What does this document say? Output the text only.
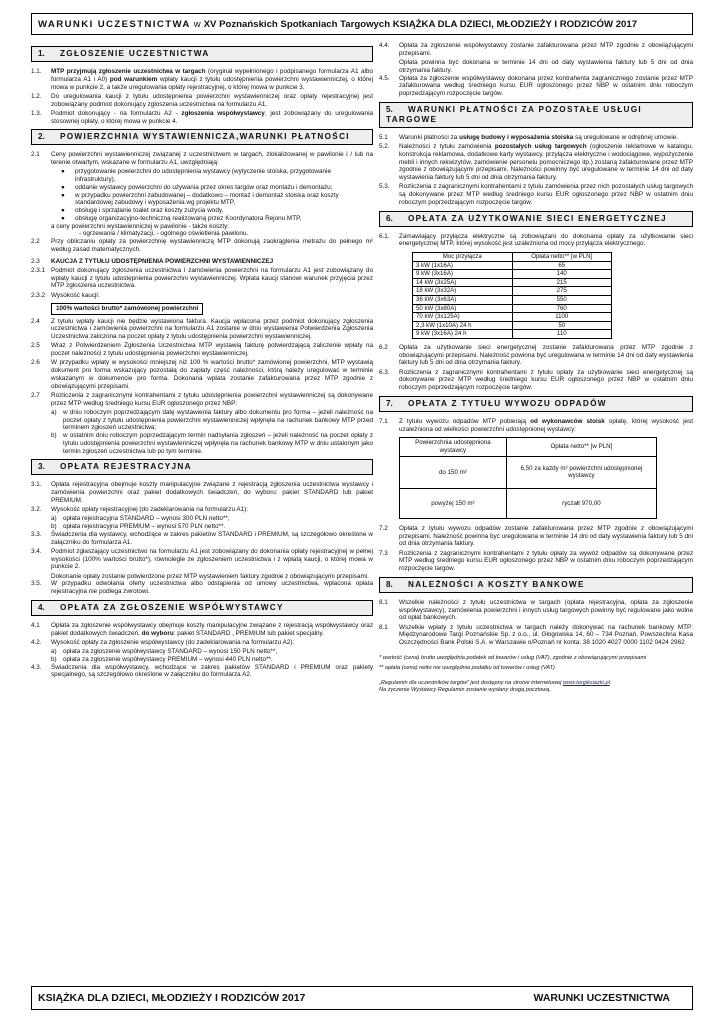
WARUNKI UCZESTNICTWA w XV Poznańskich Spotkaniach Targowych KSIĄŻKA DLA DZIECI, MŁODZIEŻY I RODZICÓW 2017
1. ZGŁOSZENIE UCZESTNICTWA
1.1.	MTP przyjmują zgłoszenie uczestnictwa w targach (oryginał wypełnionego i podpisanego formularza A1 albo formularza A1 i A0) pod warunkiem wpłaty kaucji z tytułu udostępnienia powierzchni wystawienniczej, o której mowa w punkcie 2, a także uregulowania opłaty rejestracyjnej, o której mowa w punkcie 3.
1.2.	Do uregulowania kaucji z tytułu udostępnienia powierzchni wystawienniczej oraz opłaty rejestracyjnej jest zobowiązany podmiot dokonujący zgłoszenia uczestnictwa na formularzu A1.
1.3.	Podmiot dokonujący - na formularzu A2 - zgłoszenia współwystawcy, jest zobowiązany do uregulowania stosownej opłaty, o której mowa w punkcie 4.
2. POWIERZCHNIA WYSTAWIENNICZA,WARUNKI PŁATNOŚCI
2.1	Ceny powierzchni wystawienniczej związanej z uczestnictwem w targach, zlokalizowanej w pawilonie i / lub na terenie otwartym, wskazane w formularzu A1, uwzględniają:
●	przygotowanie powierzchni do udostępnienia wystawcy (wytyczenie stoiska, przygotowanie infrastruktury),
●	oddanie wystawcy powierzchni do używania przez okres targów oraz montażu i demontażu;
●	w przypadku powierzchni zabudowanej – dodatkowo – montaż i demontaż stoiska oraz koszty standardowej zabudowy i wyposażenia wg projektu MTP,
●	obsługę i sprzątanie toalet oraz koszty zużycia wody,
●	obsługę organizacyjno-techniczną realizowaną przez Koordynatora Rejonu MTP,
a ceny powierzchni wystawienniczej w pawilonie - także koszty:
- ogrzewania / klimatyzacji, - ogólnego oświetlenia pawilonu.
2.2	Przy obliczaniu opłaty za powierzchnię wystawienniczą MTP dokonują zaokrąglenia metrażu do pełnego m² według zasad matematycznych.
2.3	KAUCJA Z TYTUŁU UDOSTĘPNIENIA POWIERZCHNI WYSTAWIENNICZEJ
2.3.1 Podmiot dokonujący zgłoszenia uczestnictwa i zamówienia powierzchni na formularzu A1 jest zobowiązany do wpłaty kaucji z tytułu udostępnienia powierzchni wystawienniczej. Wpłata kaucji stanowi warunek przyjęcia przez MTP zgłoszenia uczestnictwa.
2.3.2 Wysokość kaucji:
100% wartości brutto* zamówionej powierzchni
2.4	Z tytułu wpłaty kaucji nie będzie wystawiona faktura. Kaucja wpłacona przez podmiot dokonujący zgłoszenia uczestnictwa i zamówienia powierzchni na formularzu A1 zostanie w dniu wystawienia Potwierdzenia Zgłoszenia Uczestnictwa zaliczona na poczet opłaty z tytułu udostępnienia powierzchni wystawienniczej.
2.5	Wraz z Potwierdzeniem Zgłoszenia Uczestnictwa MTP wystawią fakturę potwierdzającą zaliczenie wpłaty na poczet należności z tytułu udostępnienia powierzchni wystawienniczej.
2.6	W przypadku wpłaty w wysokości mniejszej niż 100 % wartości brutto* zamówionej powierzchni, MTP wystawią dokument pro forma wskazujący pozostałą do zapłaty część należności, którą należy uregulować w terminie wskazanym w dokumencie pro forma. Dokonana wpłata zostanie zafakturowana przez MTP zgodnie z obowiązującymi przepisami.
2.7	Rozliczenia z zagranicznymi kontrahentami z tytułu udostępnienia powierzchni wystawienniczej są dokonywane przez MTP według średniego kursu EUR ogłoszonego przez NBP:
a)	w dniu roboczym poprzedzającym datę wystawienia faktury albo dokumentu pro forma – jeżeli należność na poczet opłaty z tytułu udostępnienia powierzchni wystawienniczej wpłynęła na rachunek bankowy MTP przed terminem zgłoszeń uczestnictwa;
b)	w ostatnim dniu roboczym poprzedzającym termin nadsyłania zgłoszeń – jeżeli należność na poczet opłaty z tytułu udostępnienia powierzchni wystawienniczej wpłynęła na rachunek bankowy MTP w dniu ustalonym jako termin zgłoszeń uczestnictwa lub po tym terminie.
3. OPŁATA REJESTRACYJNA
3.1.	Opłata rejestracyjna obejmuje koszty manipulacyjne związane z rejestracją zgłoszenia uczestnictwa wystawcy i zamówienia powierzchni oraz pakiet dodatkowych świadczeń, do wyboru: pakiet STANDARD lub pakiet PREMIUM.
3.2.	Wysokość opłaty rejestracyjnej (do zadeklarowania na formularzu A1):
a)	opłata rejestracyjna STANDARD – wynosi 300 PLN netto**,
b)	opłata rejestracyjna PREMIUM – wynosi 570 PLN netto**.
3.3.	Świadczenia dla wystawcy, wchodzące w zakres pakietów STANDARD i PREMIUM, są szczegółowo określone w załączniku do formularza A1.
3.4.	Podmiot zgłaszający uczestnictwo na formularzu A1 jest zobowiązany do dokonania opłaty rejestracyjnej w pełnej wysokości (100% wartości brutto*), równolegle ze zgłoszeniem uczestnictwa i z wpłatą kaucji, o której mowa w punkcie 2.
Dokonanie opłaty zostanie potwierdzone przez MTP wystawieniem faktury zgodnie z obowiązującymi przepisami.
3.5.	W przypadku odwołania oferty uczestnictwa albo odstąpienia od umowy uczestnictwa, wpłacona opłata rejestracyjna nie podlega zwrotowi.
4. OPŁATA ZA ZGŁOSZENIE WSPÓŁWYSTAWCY
4.1	Opłata za zgłoszenie współwystawcy obejmuje koszty manipulacyjne związane z rejestracją współwystawcy oraz pakiet dodatkowych świadczeń, do wyboru: pakiet STANDARD , PREMIUM lub pakiet specjalny.
4.2.	Wysokość opłaty za zgłoszenie współwystawcy (do zadeklarowania na formularzu A2):
a)	opłata za zgłoszenie współwystawcy STANDARD – wynosi 150 PLN netto**,
b)	opłata za zgłoszenie współwystawcy PREMIUM – wynosi 440 PLN netto**.
4.3.	Świadczenia dla współwystawcy, wchodzące w zakres pakietów STANDARD i PREMIUM oraz pakiety specjalnego, są szczegółowo określone w załączniku do formularza A2.
4.4.	Opłata za zgłoszenie współwystawcy zostanie zafakturowana przez MTP zgodnie z obowiązującymi przepisami.
Opłata powinna być dokonana w terminie 14 dni od daty wystawienia faktury lub 5 dni od dnia otrzymania faktury.
4.5.	Opłata za zgłoszenie współwystawcy dokonana przez kontrahenta zagranicznego zostanie przez MTP zafakturowana według średniego kursu EUR ogłoszonego przez NBP w ostatnim dniu roboczym poprzedzającym rozpoczęcie targów.
5. WARUNKI PŁATNOŚCI ZA POZOSTAŁE USŁUGI TARGOWE
5.1	Warunki płatności za usługę budowy i wyposażenia stoiska są uregulowane w odrębnej umowie.
5.2.	Należności z tytułu zamówienia pozostałych usług targowych (ogłoszenie reklamowe w katalogu, konstrukcja reklamowa, dodatkowe karty wystawcy, przyłącza elektryczne i wodociągowe, wypożyczenie mebli i innych rekwizytów, zamówienie personelu pomocniczego itp.) zostaną zafakturowane przez MTP zgodnie z obowiązującymi przepisami. Należności powinny być uregulowane w terminie 14 dni od daty wystawienia faktury lub 5 dni od dnia otrzymania faktury.
5.3.	Rozliczenia z zagranicznymi kontrahentami z tytułu zamówienia przez nich pozostałych usług targowych są dokonywane przez MTP według średniego kursu EUR ogłoszonego przez NBP w ostatnim dniu roboczym poprzedzającym rozpoczęcie targów.
6. OPŁATA ZA UŻYTKOWANIE SIECI ENERGETYCZNEJ
6.1.	Zamawiający przyłącza elektryczne są zobowiązani do dokonania opłaty za użytkowanie sieci energetycznej MTP, której wysokość jest uzależniona od mocy przyłącza elektrycznego:
Moc przyłącza	Opłata netto** [w PLN]
3 kW (1x16A)	65
9 kW (3x16A)	140
14 kW (3x25A)	215
18 kW (3x32A)	275
36 kW (3x63A)	550
50 kW (3x80A)	760
70 kW (3x125A)	1100
2,3 kW (1x10A) 24 h	50
9 kW (3x16A) 24 h	110
6.2	Opłata za użytkowanie sieci energetycznej zostanie zafakturowana przez MTP zgodnie z obowiązującymi przepisami. Należność powinna być uregulowana w terminie 14 dni od daty wystawienia faktury lub 5 dni od dnia otrzymania faktury.
6.3.	Rozliczenia z zagranicznymi kontrahentami z tytułu opłaty za użytkowanie sieci energetycznej są dokonywane przez MTP według średniego kursu EUR ogłoszonego przez NBP w ostatnim dniu roboczym poprzedzającym rozpoczęcie targów.
7. OPŁATA Z TYTUŁU WYWOZU ODPADÓW
7.1	Z tytułu wywozu odpadów MTP pobierają od wykonawców stoisk opłatę, której wysokość jest uzależniona od wielkości powierzchni udostępnionej wystawcy:
Powierzchnia udostępniona wystawcy	Opłata netto** [w PLN]
do 150 m²	6,50 za każdy m² powierzchni udostępnionej wystawcy
powyżej 150 m²	ryczałt 970,00
7.2	Opłata z tytułu wywozu odpadów zostanie zafakturowana przez MTP zgodnie z obowiązującymi przepisami. Należność powinna być uregulowana w terminie 14 dni od daty wystawienia faktury lub 5 dni od dnia otrzymania faktury.
7.3	Rozliczenia z zagranicznymi kontrahentami z tytułu opłaty za wywóz odpadów są dokonywane przez MTP według średniego kursu EUR ogłoszonego przez NBP w ostatnim dniu roboczym poprzedzającym rozpoczęcie targów.
8. NALEŻNOŚCI A KOSZTY BANKOWE
8.1	Wszelkie należności z tytułu uczestnictwa w targach (opłata rejestracyjna, opłata za zgłoszenie współwystawcy), zamówienia powierzchni i innych usług targowych powinny być regulowane jako wolne od opłat bankowych.
8.1	Wszelkie wpłaty z tytułu uczestnictwa w targach należy dokonywać na rachunek bankowy MTP: Międzynarodowe Targi Poznańskie Sp. z o.o., ul. Głogowska 14, 60 – 734 Poznań, Powszechna Kasa Oszczędności Bank Polski S.A. w Warszawie o/Poznań nr konta: 38 1020 4027 0000 1102 0424 2962
* wartość (cena) brutto uwzględnia podatek od towarów i usług (VAT), zgodnie z obowiązującymi przepisami
** opłata (cena) netto nie uwzględnia podatku od towarów i usług (VAT)
„Regulamin dla uczestników targów" jest dostępny na stronie internetowej www.targiksiazki.pl.
Na życzenie Wystawcy Regulamin zostanie wysłany drogą pocztową.
KSIĄŻKA DLA DZIECI, MŁODZIEŻY I RODZICÓW 2017	WARUNKI UCZESTNICTWA
